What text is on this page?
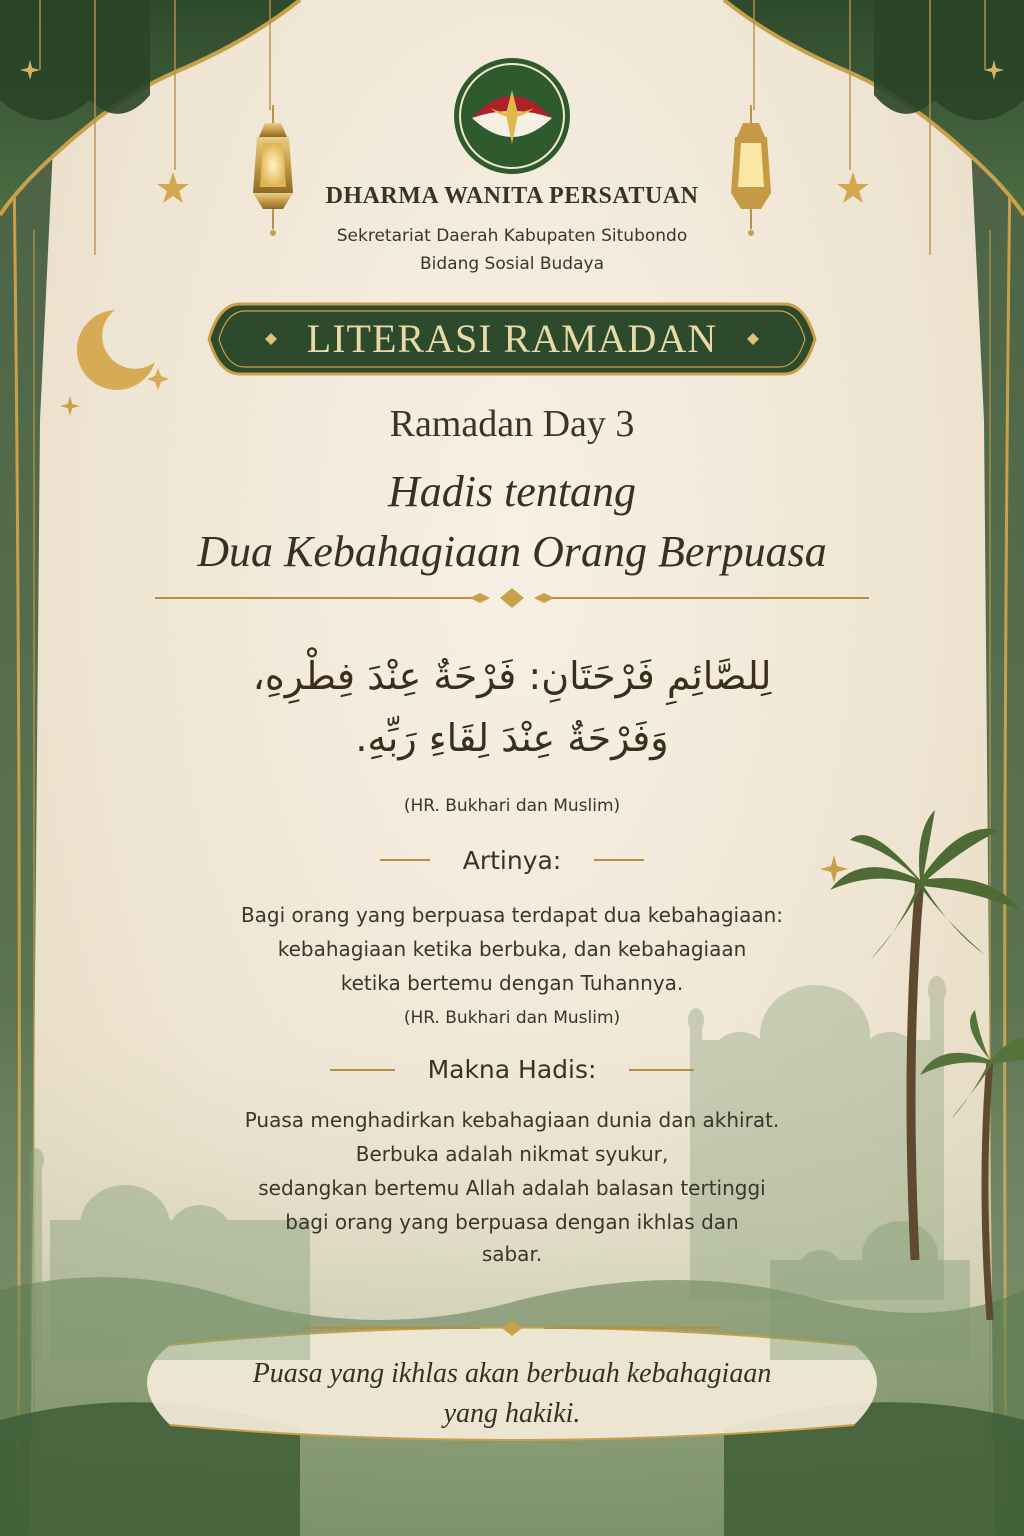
DHARMA WANITA PERSATUAN
Sekretariat Daerah Kabupaten Situbondo
Bidang Sosial Budaya
LITERASI RAMADAN
Ramadan Day 3
Hadis tentang
Dua Kebahagiaan Orang Berpuasa
لِلصَّائِمِ فَرْحَتَانِ: فَرْحَةٌ عِنْدَ فِطْرِهِ،
وَفَرْحَةٌ عِنْدَ لِقَاءِ رَبِّهِ.
(HR. Bukhari dan Muslim)
Artinya:
Bagi orang yang berpuasa terdapat dua kebahagiaan:
kebahagiaan ketika berbuka, dan kebahagiaan
ketika bertemu dengan Tuhannya.
(HR. Bukhari dan Muslim)
Makna Hadis:
Puasa menghadirkan kebahagiaan dunia dan akhirat.
Berbuka adalah nikmat syukur,
sedangkan bertemu Allah adalah balasan tertinggi
bagi orang yang berpuasa dengan ikhlas dan
sabar.
Puasa yang ikhlas akan berbuah kebahagiaan
yang hakiki.
